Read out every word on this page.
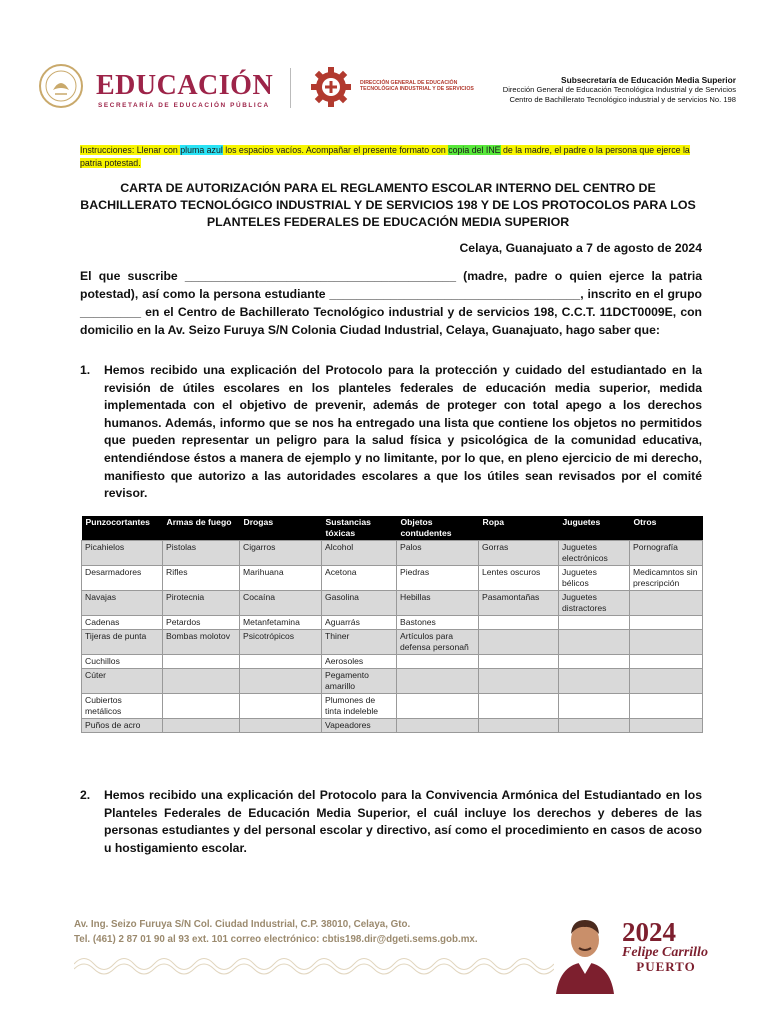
EDUCACIÓN
SECRETARÍA DE EDUCACIÓN PÚBLICA
DIRECCIÓN GENERAL DE EDUCACIÓN TECNOLÓGICA INDUSTRIAL Y DE SERVICIOS
Subsecretaría de Educación Media Superior
Dirección General de Educación Tecnológica Industrial y de Servicios
Centro de Bachillerato Tecnológico industrial y de servicios No. 198
Instrucciones: Llenar con pluma azul los espacios vacíos. Acompañar el presente formato con copia del INE de la madre, el padre o la persona que ejerce la patria potestad.
CARTA DE AUTORIZACIÓN PARA EL REGLAMENTO ESCOLAR INTERNO DEL CENTRO DE BACHILLERATO TECNOLÓGICO INDUSTRIAL Y DE SERVICIOS 198 Y DE LOS PROTOCOLOS PARA LOS PLANTELES FEDERALES DE EDUCACIÓN MEDIA SUPERIOR
Celaya, Guanajuato a 7 de agosto de 2024
El que suscribe ________________________________________ (madre, padre o quien ejerce la patria potestad), así como la persona estudiante _____________________________________, inscrito en el grupo _________ en el Centro de Bachillerato Tecnológico industrial y de servicios 198, C.C.T. 11DCT0009E, con domicilio en la Av. Seizo Furuya S/N Colonia Ciudad Industrial, Celaya, Guanajuato, hago saber que:
1. Hemos recibido una explicación del Protocolo para la protección y cuidado del estudiantado en la revisión de útiles escolares en los planteles federales de educación media superior, medida implementada con el objetivo de prevenir, además de proteger con total apego a los derechos humanos. Además, informo que se nos ha entregado una lista que contiene los objetos no permitidos que pueden representar un peligro para la salud física y psicológica de la comunidad educativa, entendiéndose éstos a manera de ejemplo y no limitante, por lo que, en pleno ejercicio de mi derecho, manifiesto que autorizo a las autoridades escolares a que los útiles sean revisados por el comité revisor.
Punzocortantes	Armas de fuego	Drogas	Sustancias tóxicas	Objetos contudentes	Ropa	Juguetes	Otros
Picahielos	Pistolas	Cigarros	Alcohol	Palos	Gorras	Juguetes electrónicos	Pornografía
Desarmadores	Rifles	Marihuana	Acetona	Piedras	Lentes oscuros	Juguetes bélicos	Medicamntos sin prescripción
Navajas	Pirotecnia	Cocaína	Gasolina	Hebillas	Pasamontañas	Juguetes distractores	
Cadenas	Petardos	Metanfetamina	Aguarrás	Bastones			
Tijeras de punta	Bombas molotov	Psicotrópicos	Thiner	Artículos para defensa personañ			
Cuchillos			Aerosoles				
Cúter			Pegamento amarillo				
Cubiertos metálicos			Plumones de tinta indeleble				
Puños de acro			Vapeadores				
2. Hemos recibido una explicación del Protocolo para la Convivencia Armónica del Estudiantado en los Planteles Federales de Educación Media Superior, el cuál incluye los derechos y deberes de las personas estudiantes y del personal escolar y directivo, así como el procedimiento en casos de acoso u hostigamiento escolar.
Av. Ing. Seizo Furuya S/N Col. Ciudad Industrial, C.P. 38010, Celaya, Gto.
Tel. (461) 2 87 01 90 al 93 ext. 101 correo electrónico: cbtis198.dir@dgeti.sems.gob.mx.	2024
Felipe Carrillo
PUERTO
